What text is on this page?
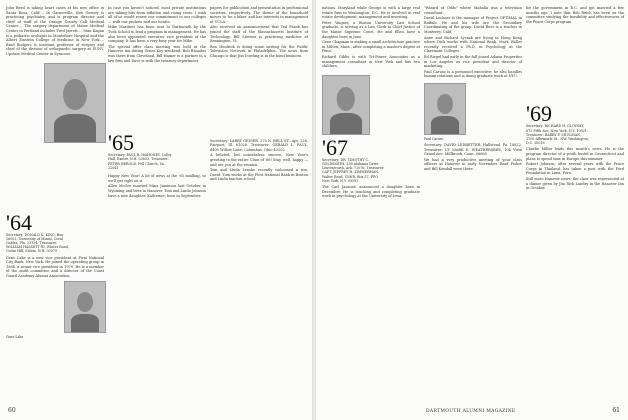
John Reed is taking heart cases at his new office in Santa Rosa, Calif.... In Garnerville, Ken Gurney is practicing psychiatry, and is program director and chief of staff of the Orange County Call Medical Center.... The surgery department of Maine Medical Center in Portland includes Fred Jarrett.... Stan Kagan is a pediatric urologist in Montefiore Hospital and the Albert Einstein College of Medicine in New York.... Brad Rodgers is assistant professor of surgery and chief of the division of orthopaedic surgery at SUNY, Upstate Medical Center in Syracuse.

'64 Secretary: DONALD K. KING, Box 26002, University of Miami, Coral Gables, Fla. 33124. Treasurer: WILLIAM HASSETT III, Winter Road, Cedar Hill, Salem, N.H. 03079

Gene Lake is a new vice president at First National City Bank, New York. He joined the operating group in 1964, a senior vice president in 1970. He is a member of the audit committee and a director of the Coast Guard Academy Alumni Association.

Gene Lake

In case you haven't noticed, most private institutions are taking hits from inflation and rising costs. I wish all of us would renew our commitment to our colleges — with our pockets and our hearts.

Mike Martinez has been sent to Dartmouth by the Tuck School to lead a program in management. He has also been appointed executive vice president of the company. It has been a very busy year for Mike.

The special offer class meeting was held at the Hanover Inn during Green Key weekend. Bob Rhoades was there from Cleveland, Bill Hamer is a partner in a law firm and Dave is with the treasury department.

'65 Secretary: PAUL B. MAHONEY, Colby Hall, Exeter, N.H. 03833. Treasurer: PETER HEROLD, Fell Church, Va. 22041

Happy New Year! A lot of news at the '65 mailbag, so we'll get right on it.

Allen McGee married Mina Jamieson last October in Wyoming and lives in Hanover. Tom and Linda Johnson have a new daughter, Katherine, born in September.

papers for publication and presentation in professional societies, respectively. The theme of the household moves to 'be a hiker' and has interests in management at UCLA.

Also received an announcement that Ted Frank has joined the staff of the Massachusetts Institute of Technology. Bill Stevens is practicing medicine at Bennington, Vt.

Ben Heidrick is doing some writing for the Public Television Network in Philadelphia. The news from Chicago is that Jim Dowling is in the bond business.

Secretary: LARRY GEIGER, 270 N. BELL ST., Apt. 228, Fairport, Ill. 61028. Treasurer: GERALD L. PAUL, 6405 Willow Lane, Columbus, Ohio 43202

A belated, but nonetheless sincere, New Year's greeting to the entire Class of '66! Stay, well, happy — and see you at the reunion.

Tom and Linda Lenske recently welcomed a son, David. Tom works at the First National Bank in Boston and Linda teaches school.

60

nations. Maryland while George is with a large real estate firm in Washington, D.C. He is involved in real estate development, management and investing.

Peter Wagner, a Boston University Law School graduate, is serving as a Law Clerk to Chief Justice of the Maine Supreme Court. He and Ellen have a daughter born in June.

Gene Chapman is making a small architecture practice in Milton, Mass., after completing a master's degree at Penn.

Richard Gibbs is with Tri-Power Associates as a management consultant in New York and has two children.

'67 Secretary: DR. TIMOTHY C. GOLDSMITH, 136 Alabama Drive, Leavenworth, Ark. 72076. Treasurer: CAPT. JEFFREY H. ZIMMERMAN, Walter Reed, USNR, Box 57, FPO New York, N.Y. 09593

The Carl Jansons' announced a daughter born in December. He is teaching and completing graduate work in psychology at the University of Iowa.

"Wizard of Odds" where Mahalia was a television consultant.

David Lechner is the manager of Project OPTIMAL in Buffalo. He and his wife are the Secondary Coordinating of the group. David Beer is a teacher in Monterey, Calif.

Anne and Richard Lyczak are living in Hong Kong where Dick works with National Bank. Mark Waller recently received a Ph.D. in Psychology at the Claremont Colleges.

Ed Riegel had early in the fall joined Adams Properties in Los Angeles as vice president and director of marketing.

Paul Caruso is a personnel executive; he also handles human relations and is doing graduate work at NYU.

Paul Caruso

Secretary: DAVID LEDBETTER, Hallstead, Pa. 18822. Treasurer: LT. MARK E. WEATHERSBEE, 104 Vista Grand Ave, Millbrook, Conn. 06665

We had a very productive meeting of your class officers in Hanover in early November. Brad Fisher and Bill Kendall were there.

for the government in D.C. and got married a few months ago. I note that Bob Reich has been on the committee studying the feasibility and effectiveness of the Peace Corps program.

'69 Secretary: RICHARD H. GLOVSKY, 872 Fifth Ave, New York, N.Y. 10021. Treasurer: BARRY P. SHULMAN, 3700 Albemarle St., NW, Washington, D.C. 20016

Charlie Miller leads this month's news. He is the program director of a youth hostel in Connecticut and plans to spend time in Europe this summer.

Robert Johnson, after several years with the Peace Corps in Thailand, has taken a post with the Ford Foundation in Lima, Peru.

Still more Hanover news: the class was represented at a dinner given by Jim Rich Landry in the Hanover Inn in October.

DARTMOUTH ALUMNI MAGAZINE	61
